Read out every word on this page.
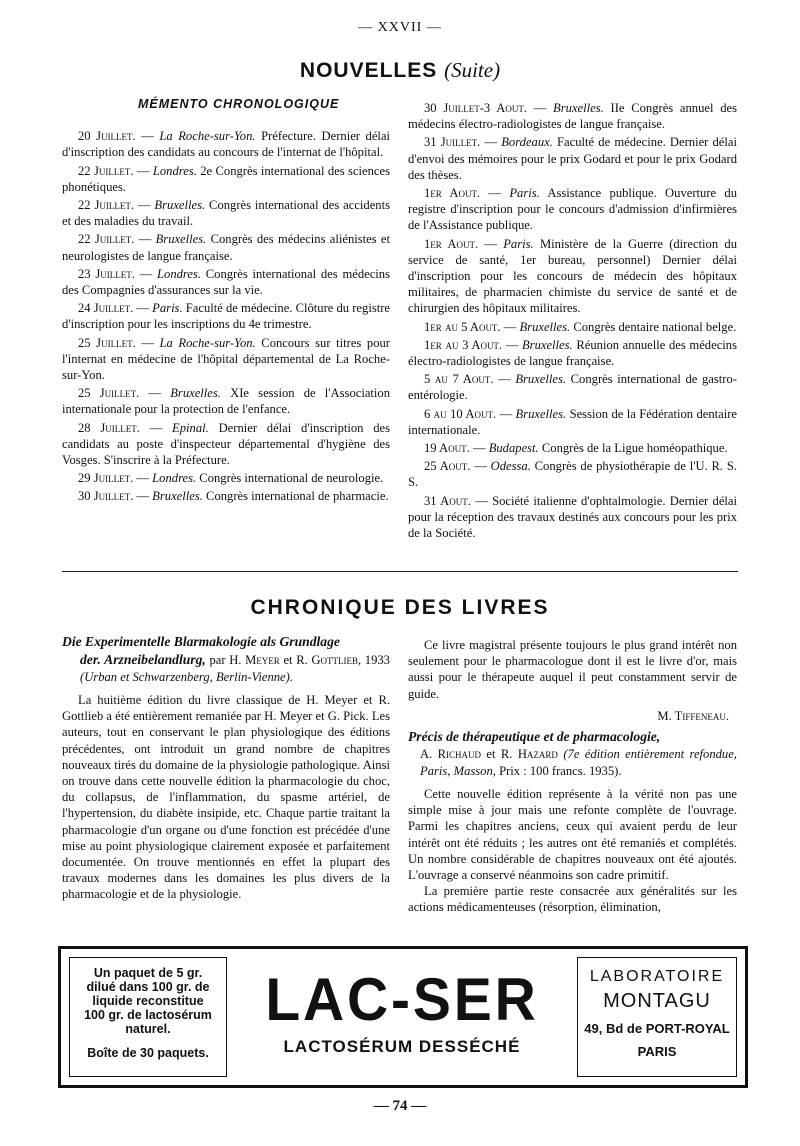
— XXVII —
NOUVELLES (Suite)
MÉMENTO CHRONOLOGIQUE

20 Juillet. — La Roche-sur-Yon. Préfecture. Dernier délai d'inscription des candidats au concours de l'internat de l'hôpital.

22 Juillet. — Londres. 2e Congrès international des sciences phonétiques.

22 Juillet. — Bruxelles. Congrès international des accidents et des maladies du travail.

22 Juillet. — Bruxelles. Congrès des médecins aliénistes et neurologistes de langue française.

23 Juillet. — Londres. Congrès international des médecins des Compagnies d'assurances sur la vie.

24 Juillet. — Paris. Faculté de médecine. Clôture du registre d'inscription pour les inscriptions du 4e trimestre.

25 Juillet. — La Roche-sur-Yon. Concours sur titres pour l'internat en médecine de l'hôpital départemental de La Roche-sur-Yon.

25 Juillet. — Bruxelles. XIe session de l'Association internationale pour la protection de l'enfance.

28 Juillet. — Epinal. Dernier délai d'inscription des candidats au poste d'inspecteur départemental d'hygiène des Vosges. S'inscrire à la Préfecture.

29 Juillet. — Londres. Congrès international de neurologie.

30 Juillet. — Bruxelles. Congrès international de pharmacie.

30 Juillet-3 Aout. — Bruxelles. IIe Congrès annuel des médecins électro-radiologistes de langue française.

31 Juillet. — Bordeaux. Faculté de médecine. Dernier délai d'envoi des mémoires pour le prix Godard et pour le prix Godard des thèses.

1er Aout. — Paris. Assistance publique. Ouverture du registre d'inscription pour le concours d'admission d'infirmières de l'Assistance publique.

1er Aout. — Paris. Ministère de la Guerre (direction du service de santé, 1er bureau, personnel) Dernier délai d'inscription pour les concours de médecin des hôpitaux militaires, de pharmacien chimiste du service de santé et de chirurgien des hôpitaux militaires.

1er au 5 Aout. — Bruxelles. Congrès dentaire national belge.

1er au 3 Aout. — Bruxelles. Réunion annuelle des médecins électro-radiologistes de langue française.

5 au 7 Aout. — Bruxelles. Congrès international de gastro-entérologie.

6 au 10 Aout. — Bruxelles. Session de la Fédération dentaire internationale.

19 Aout. — Budapest. Congrès de la Ligue homéopathique.

25 Aout. — Odessa. Congrès de physiothérapie de l'U. R. S. S.

31 Aout. — Société italienne d'ophtalmologie. Dernier délai pour la réception des travaux destinés aux concours pour les prix de la Société.

CHRONIQUE DES LIVRES
Die Experimentelle Blarmakologie als Grundlage
der. Arzneibelandlurg, par H. Meyer et R. Gottlieb, 1933 (Urban et Schwarzenberg, Berlin-Vienne).

La huitième édition du livre classique de H. Meyer et R. Gottlieb a été entièrement remaniée par H. Meyer et G. Pick. Les auteurs, tout en conservant le plan physiologique des éditions précédentes, ont introduit un grand nombre de chapitres nouveaux tirés du domaine de la physiologie pathologique. Ainsi on trouve dans cette nouvelle édition la pharmacologie du choc, du collapsus, de l'inflammation, du spasme artériel, de l'hypertension, du diabète insipide, etc. Chaque partie traitant la pharmacologie d'un organe ou d'une fonction est précédée d'une mise au point physiologique clairement exposée et parfaitement documentée. On trouve mentionnés en effet la plupart des travaux modernes dans les domaines les plus divers de la pharmacologie et de la physiologie.

Ce livre magistral présente toujours le plus grand intérêt non seulement pour le pharmacologue dont il est le livre d'or, mais aussi pour le thérapeute auquel il peut constamment servir de guide.

M. Tiffeneau.
Précis de thérapeutique et de pharmacologie,
A. Richaud et R. Hazard (7e édition entièrement refondue, Paris, Masson, Prix : 100 francs. 1935).

Cette nouvelle édition représente à la vérité non pas une simple mise à jour mais une refonte complète de l'ouvrage. Parmi les chapitres anciens, ceux qui avaient perdu de leur intérêt ont été réduits ; les autres ont été remaniés et complétés. Un nombre considérable de chapitres nouveaux ont été ajoutés. L'ouvrage a conservé néanmoins son cadre primitif.

La première partie reste consacrée aux généralités sur les actions médicamenteuses (résorption, élimination,

Un paquet de 5 gr.
dilué dans 100 gr. de
liquide reconstitue
100 gr. de lactosérum
naturel.
Boîte de 30 paquets.
LAC-SER
LACTOSÉRUM DESSÉCHÉ
LABORATOIRE
MONTAGU
49, Bd de PORT-ROYAL
PARIS
— 74 —
